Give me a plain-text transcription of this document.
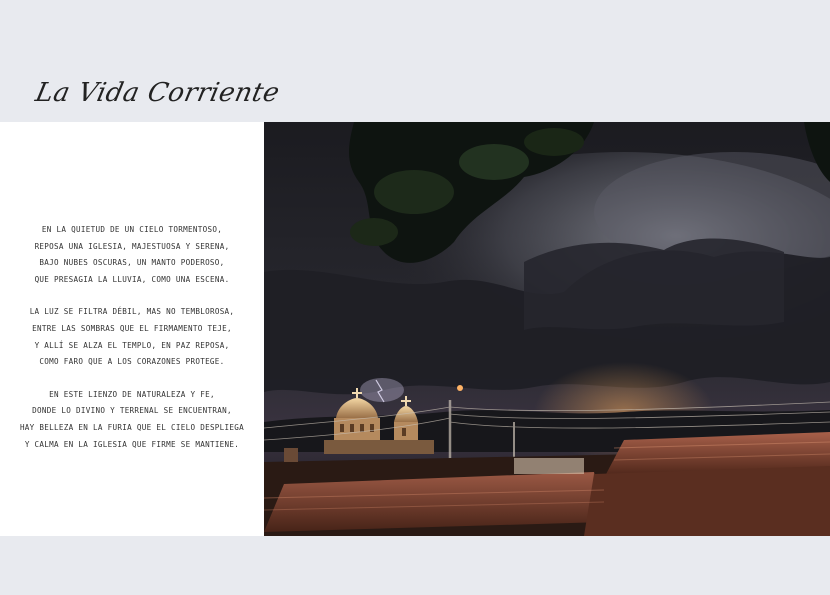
La Vida Corriente
EN LA QUIETUD DE UN CIELO TORMENTOSO,
REPOSA UNA IGLESIA, MAJESTUOSA Y SERENA,
BAJO NUBES OSCURAS, UN MANTO PODEROSO,
QUE PRESAGIA LA LLUVIA, COMO UNA ESCENA.
LA LUZ SE FILTRA DÉBIL, MAS NO TEMBLOROSA,
ENTRE LAS SOMBRAS QUE EL FIRMAMENTO TEJE,
Y ALLÍ SE ALZA EL TEMPLO, EN PAZ REPOSA,
COMO FARO QUE A LOS CORAZONES PROTEGE.
EN ESTE LIENZO DE NATURALEZA Y FE,
DONDE LO DIVINO Y TERRENAL SE ENCUENTRAN,
HAY BELLEZA EN LA FURIA QUE EL CIELO DESPLIEGA
Y CALMA EN LA IGLESIA QUE FIRME SE MANTIENE.
